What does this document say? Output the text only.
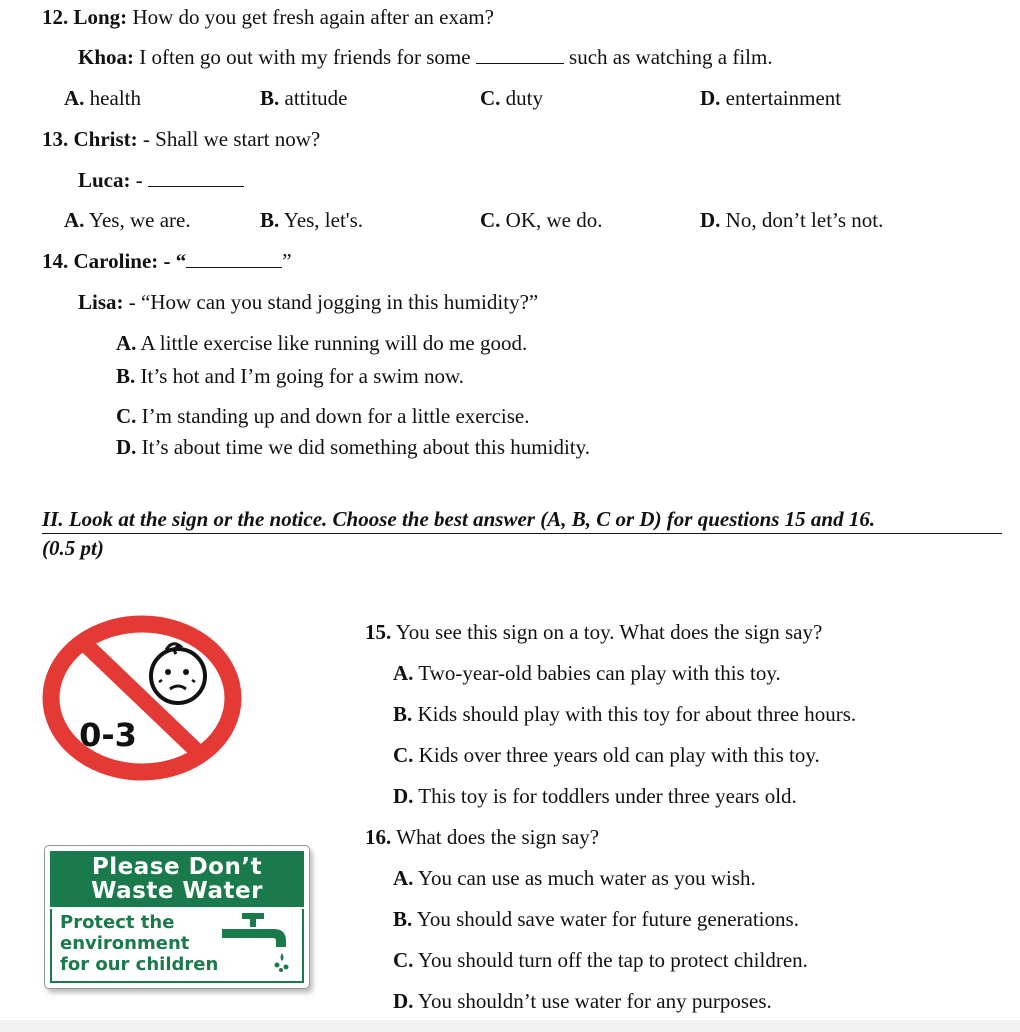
12. Long: How do you get fresh again after an exam?
Khoa: I often go out with my friends for some	such as watching a film.
A. health	B. attitude	C. duty	D. entertainment
13. Christ: - Shall we start now?
Luca: -
A. Yes, we are.	B. Yes, let's.	C. OK, we do.	D. No, don’t let’s not.
14. Caroline: - “	”
Lisa: - “How can you stand jogging in this humidity?”
A. A little exercise like running will do me good.
B. It’s hot and I’m going for a swim now.
C. I’m standing up and down for a little exercise.
D. It’s about time we did something about this humidity.
II. Look at the sign or the notice. Choose the best answer (A, B, C or D) for questions 15 and 16.
(0.5 pt)
0-3
15. You see this sign on a toy. What does the sign say?
A. Two-year-old babies can play with this toy.
B. Kids should play with this toy for about three hours.
C. Kids over three years old can play with this toy.
D. This toy is for toddlers under three years old.
Please Don’t
Waste Water
Protect the
environment
for our children
16. What does the sign say?
A. You can use as much water as you wish.
B. You should save water for future generations.
C. You should turn off the tap to protect children.
D. You shouldn’t use water for any purposes.
